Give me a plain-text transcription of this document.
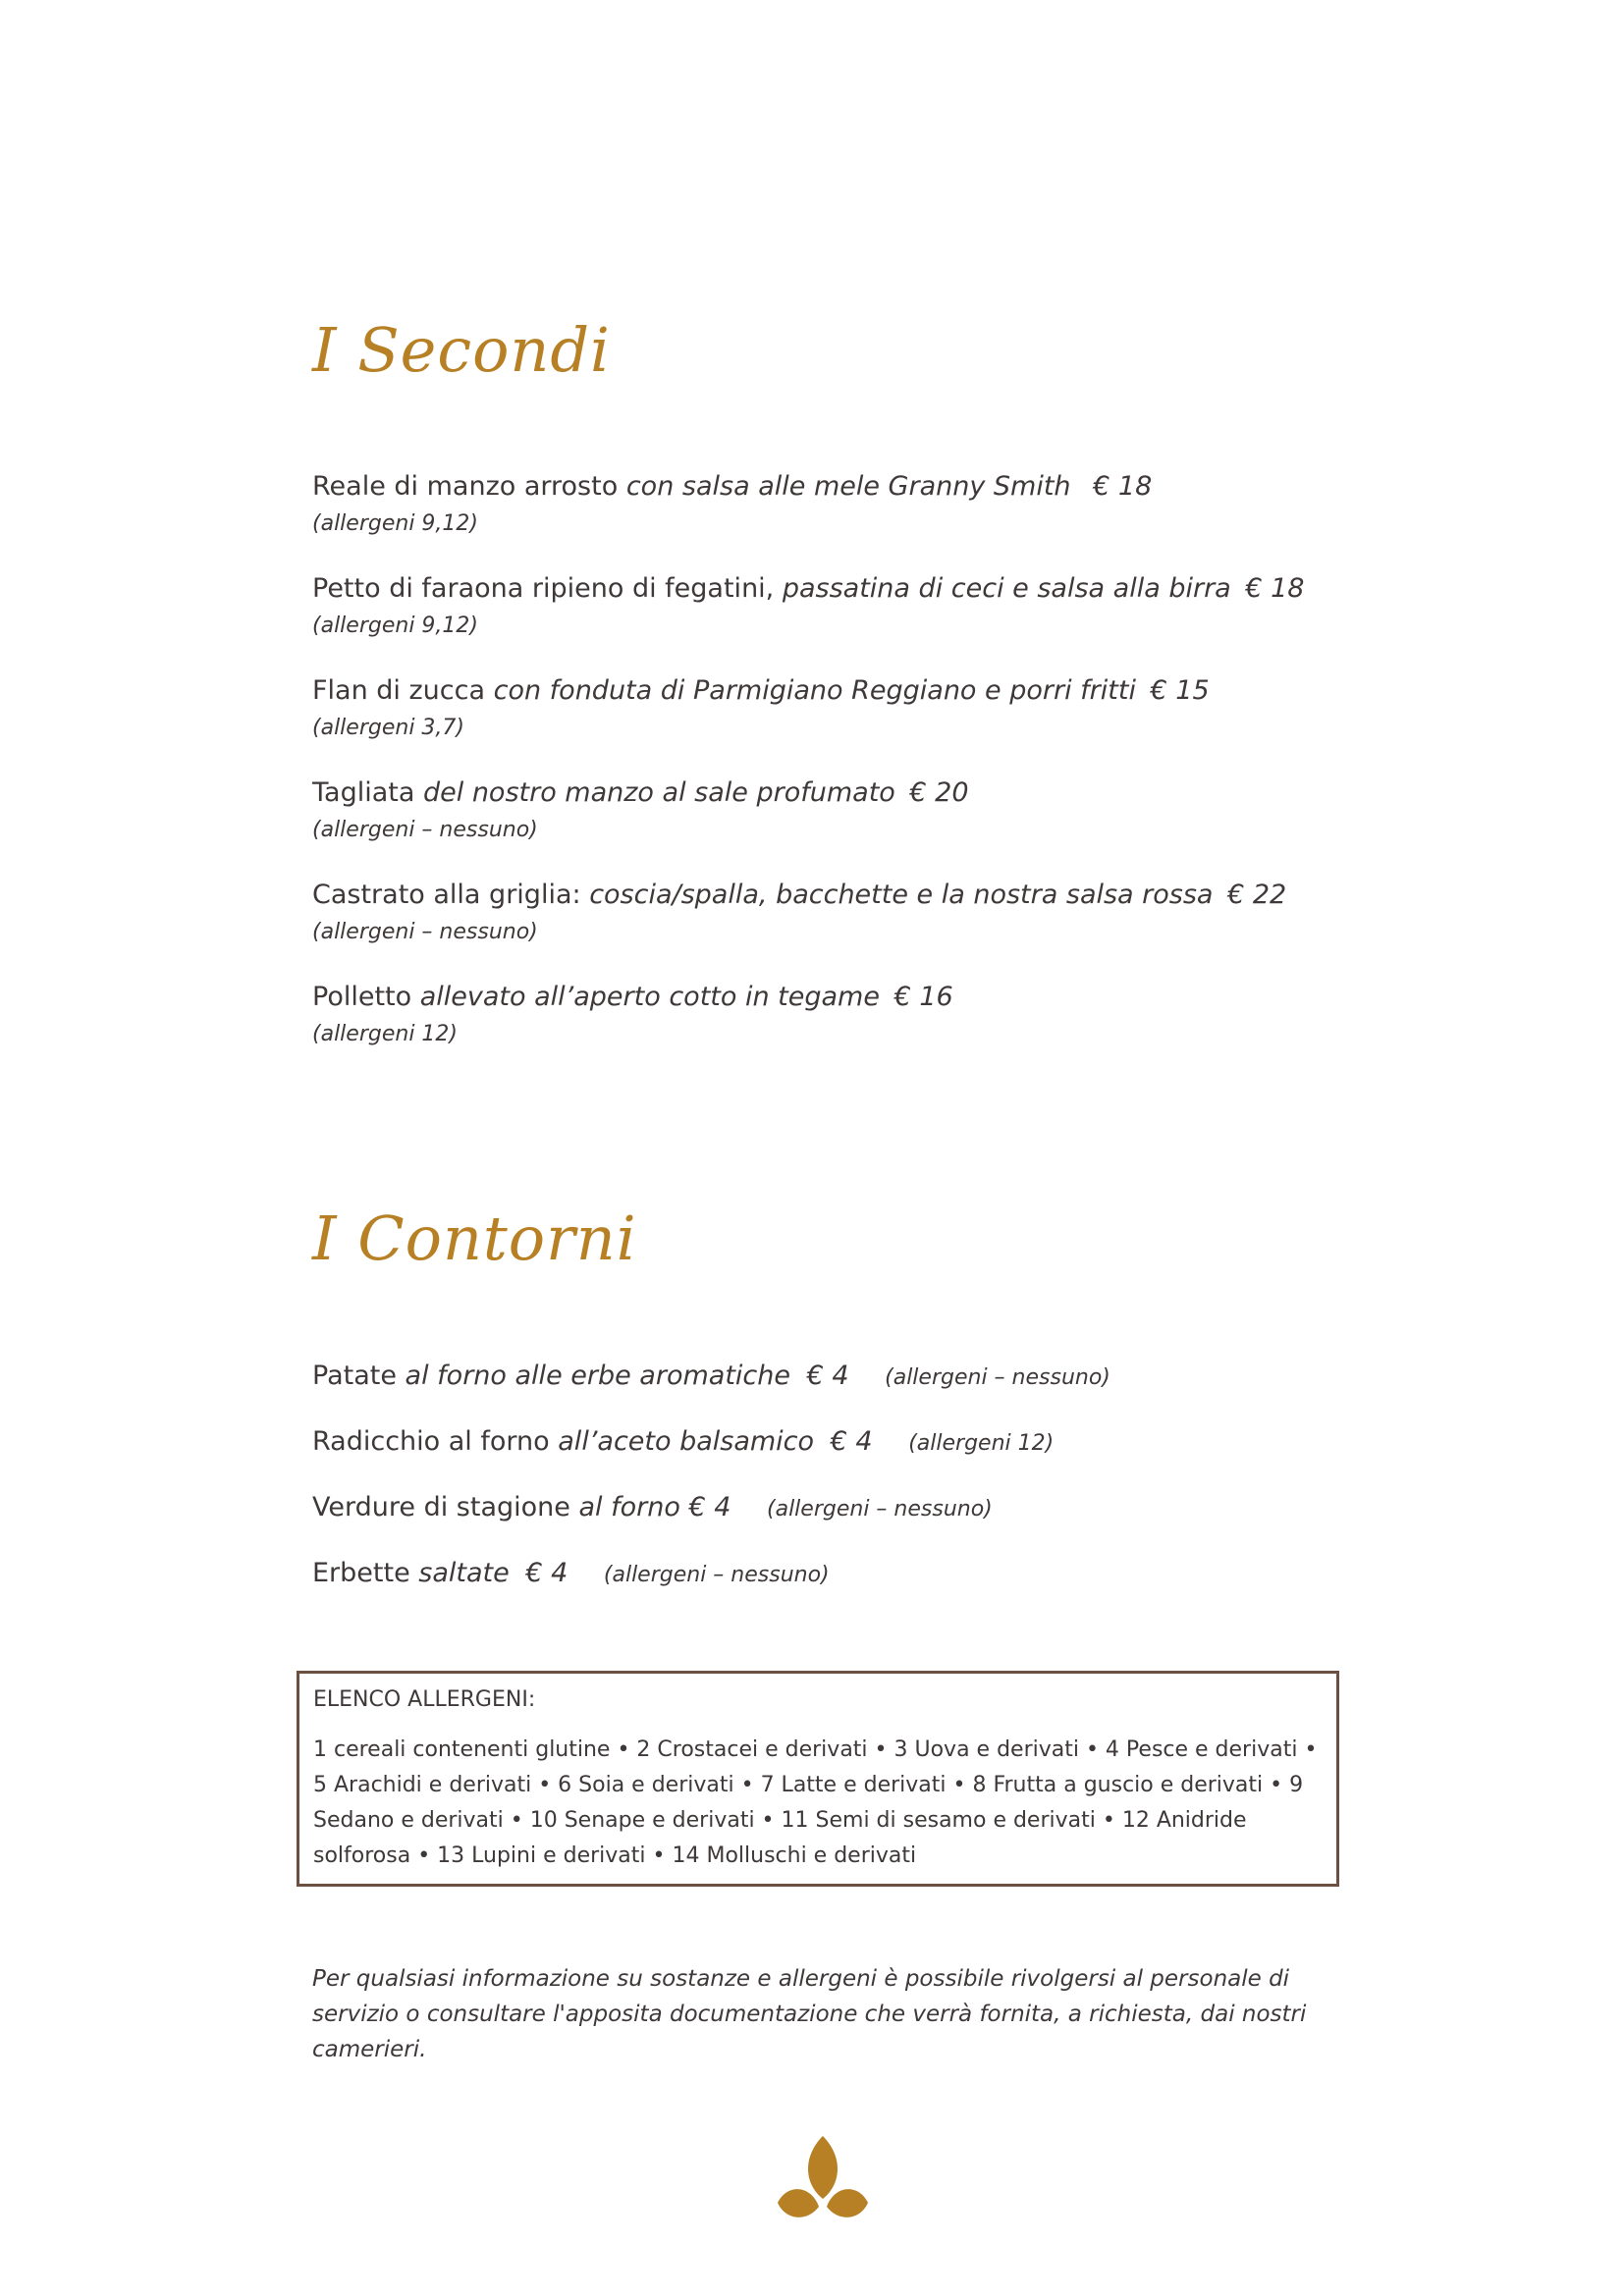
I Secondi
Reale di manzo arrosto con salsa alle mele Granny Smith € 18
(allergeni 9,12)
Petto di faraona ripieno di fegatini, passatina di ceci e salsa alla birra € 18
(allergeni 9,12)
Flan di zucca con fonduta di Parmigiano Reggiano e porri fritti € 15
(allergeni 3,7)
Tagliata del nostro manzo al sale profumato € 20
(allergeni – nessuno)
Castrato alla griglia: coscia/spalla, bacchette e la nostra salsa rossa € 22
(allergeni – nessuno)
Polletto allevato all’aperto cotto in tegame € 16
(allergeni 12)
I Contorni
Patate al forno alle erbe aromatiche € 4 (allergeni – nessuno)
Radicchio al forno all’aceto balsamico € 4 (allergeni 12)
Verdure di stagione al forno € 4 (allergeni – nessuno)
Erbette saltate € 4 (allergeni – nessuno)
ELENCO ALLERGENI:
1 cereali contenenti glutine • 2 Crostacei e derivati • 3 Uova e derivati • 4 Pesce e derivati • 5 Arachidi e derivati • 6 Soia e derivati • 7 Latte e derivati • 8 Frutta a guscio e derivati • 9 Sedano e derivati • 10 Senape e derivati • 11 Semi di sesamo e derivati • 12 Anidride solforosa • 13 Lupini e derivati • 14 Molluschi e derivati
Per qualsiasi informazione su sostanze e allergeni è possibile rivolgersi al personale di servizio o consultare l'apposita documentazione che verrà fornita, a richiesta, dai nostri camerieri.
